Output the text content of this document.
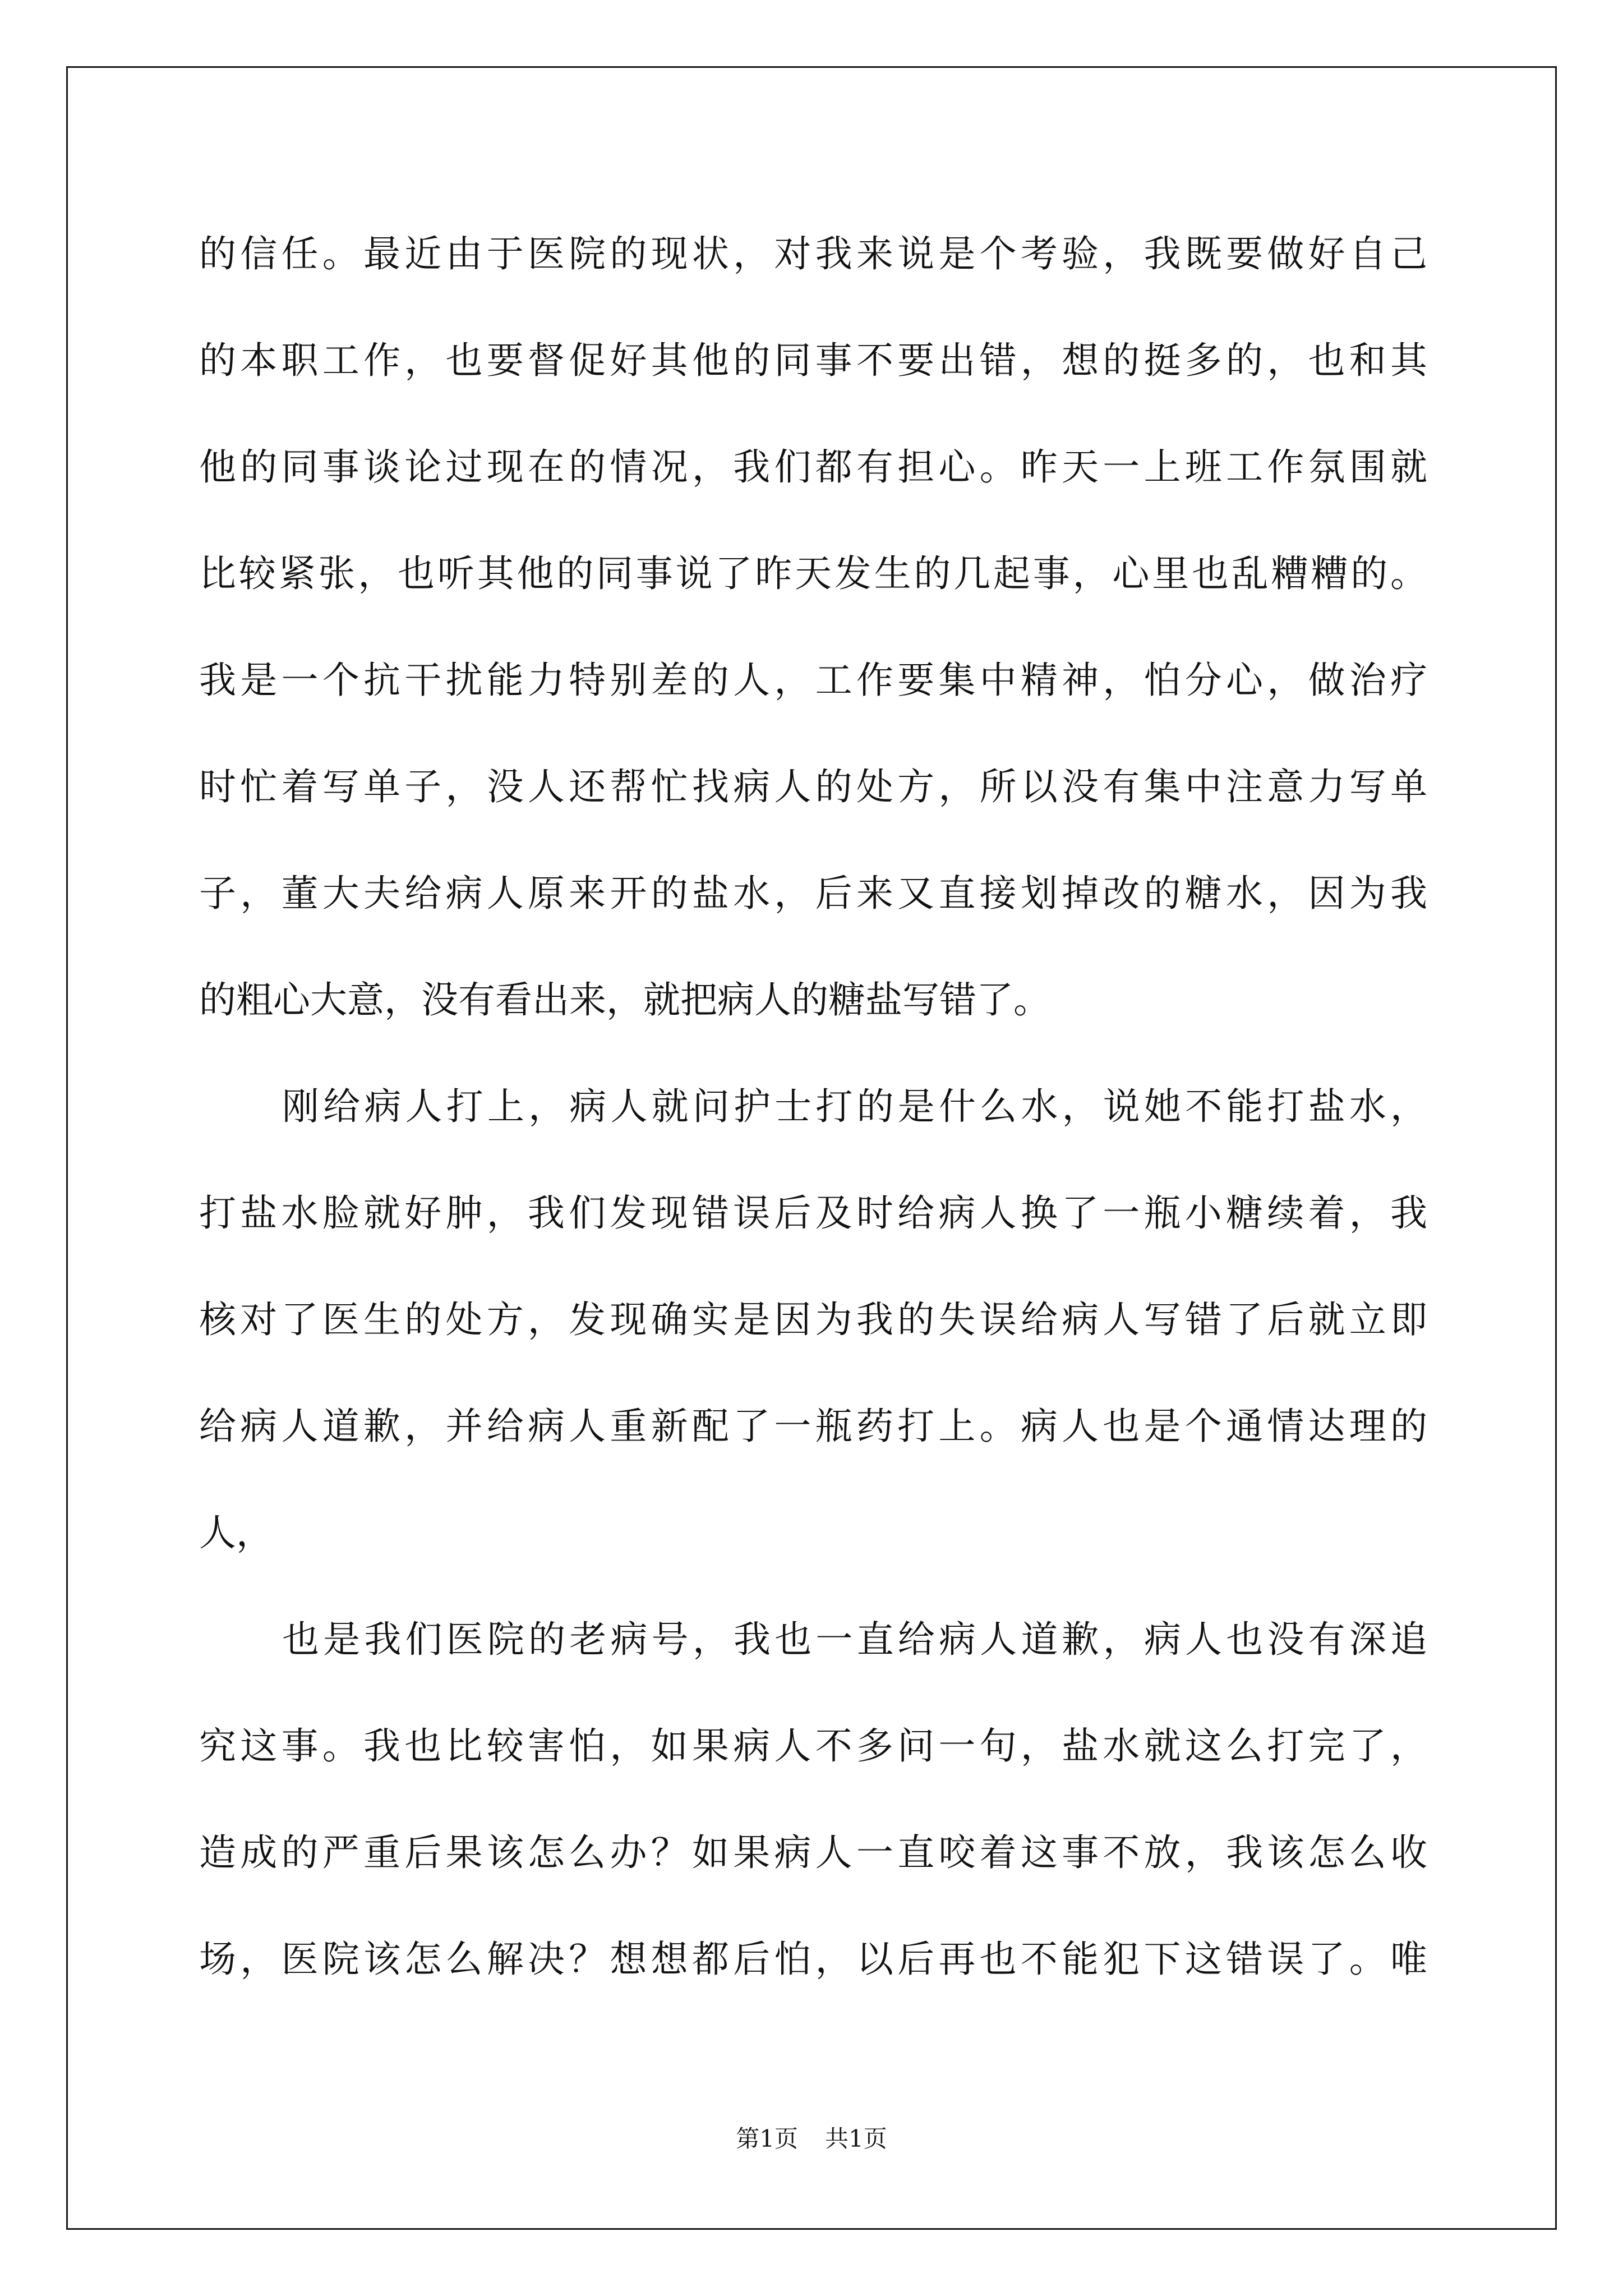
的信任。最近由于医院的现状，对我来说是个考验，我既要做好自己
的本职工作，也要督促好其他的同事不要出错，想的挺多的，也和其
他的同事谈论过现在的情况，我们都有担心。昨天一上班工作氛围就
比较紧张，也听其他的同事说了昨天发生的几起事，心里也乱糟糟的。
我是一个抗干扰能力特别差的人，工作要集中精神，怕分心，做治疗
时忙着写单子，没人还帮忙找病人的处方，所以没有集中注意力写单
子，董大夫给病人原来开的盐水，后来又直接划掉改的糖水，因为我
的粗心大意，没有看出来，就把病人的糖盐写错了。
刚给病人打上，病人就问护士打的是什么水，说她不能打盐水，
打盐水脸就好肿，我们发现错误后及时给病人换了一瓶小糖续着，我
核对了医生的处方，发现确实是因为我的失误给病人写错了后就立即
给病人道歉，并给病人重新配了一瓶药打上。病人也是个通情达理的
人，
也是我们医院的老病号，我也一直给病人道歉，病人也没有深追
究这事。我也比较害怕，如果病人不多问一句，盐水就这么打完了，
造成的严重后果该怎么办？如果病人一直咬着这事不放，我该怎么收
场，医院该怎么解决？想想都后怕，以后再也不能犯下这错误了。唯
第1页 共1页
